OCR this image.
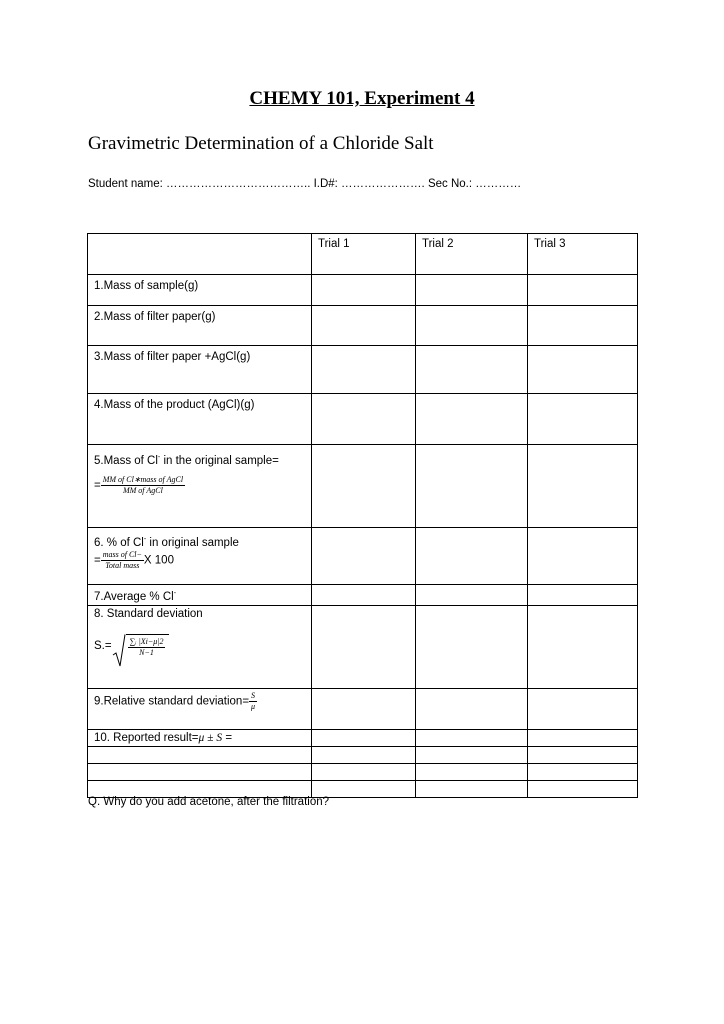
CHEMY 101, Experiment 4
Gravimetric Determination of a Chloride Salt
Student name: ……………………………….. I.D#: …………………. Sec No.: …………
	Trial 1	Trial 2	Trial 3
1.Mass of sample(g)			
2.Mass of filter paper(g)			
3.Mass of filter paper +AgCl(g)			
4.Mass of the product (AgCl)(g)			

5.Mass of Cl- in the original sample=
= $\frac{\text{MM of Cl∗mass of AgCl}}{\text{MM of AgCl}}$

6. % of Cl- in original sample
= $\frac{\text{mass of Cl−}}{\text{Total mass}}$ X 100			

7.Average % Cl-			

8. Standard deviation
$S.= \frac{\text{∑ᵢ |Xi−μ|2}}{N-1}$

9.Relative standard deviation= $\frac{S}{\mu}$

10. Reported result=μ ± S =			

Q. Why do you add acetone, after the filtration?
